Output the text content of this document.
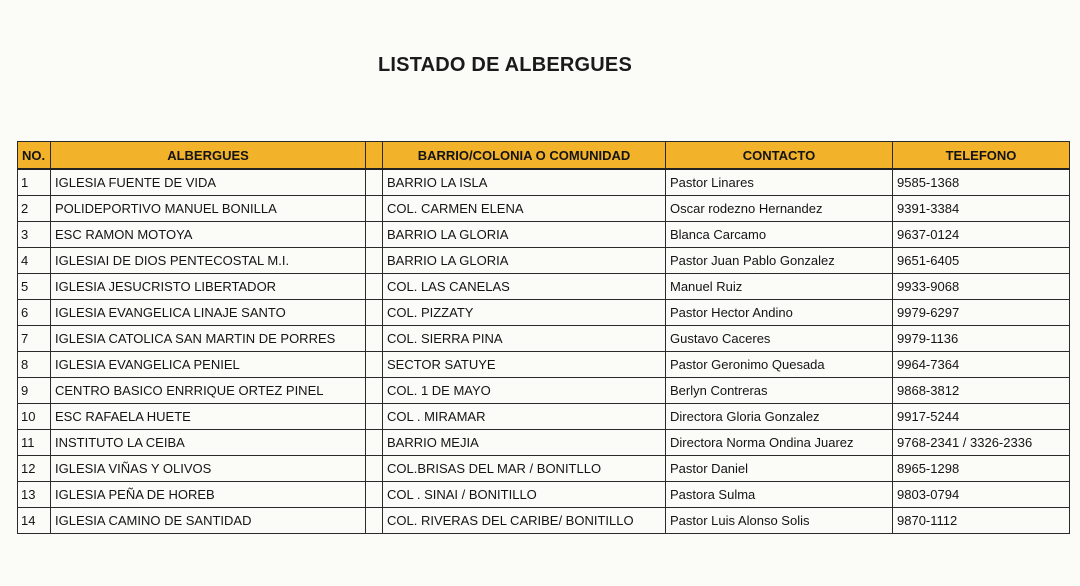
LISTADO DE ALBERGUES
NO.	ALBERGUES		BARRIO/COLONIA O COMUNIDAD	CONTACTO	TELEFONO
1	IGLESIA FUENTE DE VIDA		BARRIO LA ISLA	Pastor Linares	9585-1368
2	POLIDEPORTIVO MANUEL BONILLA		COL. CARMEN ELENA	Oscar rodezno Hernandez	9391-3384
3	ESC RAMON MOTOYA		BARRIO LA GLORIA	Blanca Carcamo	9637-0124
4	IGLESIAI DE DIOS PENTECOSTAL M.I.		BARRIO LA GLORIA	Pastor Juan Pablo Gonzalez	9651-6405
5	IGLESIA JESUCRISTO LIBERTADOR		COL. LAS CANELAS	Manuel Ruiz	9933-9068
6	IGLESIA EVANGELICA LINAJE SANTO		COL. PIZZATY	Pastor Hector Andino	9979-6297
7	IGLESIA CATOLICA SAN MARTIN DE PORRES		COL. SIERRA PINA	Gustavo Caceres	9979-1136
8	IGLESIA EVANGELICA PENIEL		SECTOR SATUYE	Pastor Geronimo Quesada	9964-7364
9	CENTRO BASICO ENRRIQUE ORTEZ PINEL		COL. 1 DE MAYO	Berlyn Contreras	9868-3812
10	ESC RAFAELA HUETE		COL . MIRAMAR	Directora Gloria Gonzalez	9917-5244
11	INSTITUTO LA CEIBA		BARRIO MEJIA	Directora Norma Ondina Juarez	9768-2341 / 3326-2336
12	IGLESIA VIÑAS Y OLIVOS		COL.BRISAS DEL MAR / BONITLLO	Pastor Daniel	8965-1298
13	IGLESIA PEÑA DE HOREB		COL . SINAI / BONITILLO	Pastora Sulma	9803-0794
14	IGLESIA CAMINO DE SANTIDAD		COL. RIVERAS DEL CARIBE/ BONITILLO	Pastor Luis Alonso Solis	9870-1112
